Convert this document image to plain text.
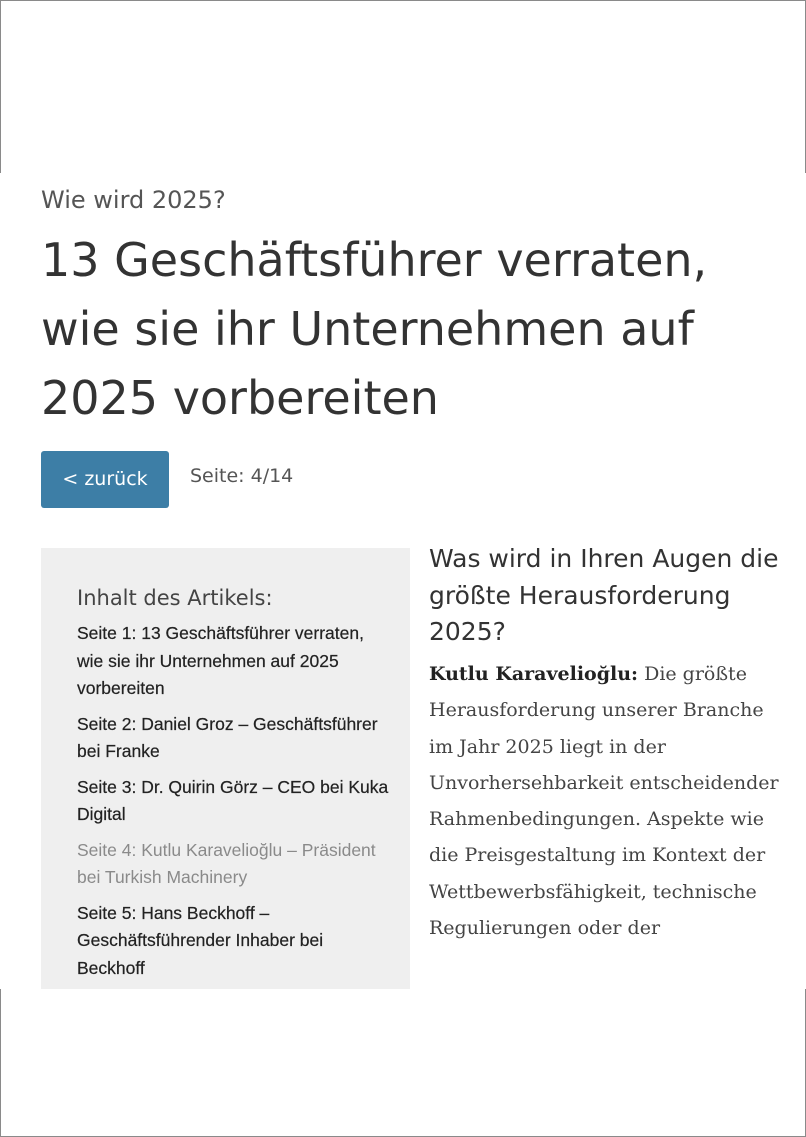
Wie wird 2025?
13 Geschäftsführer verraten, wie sie ihr Unternehmen auf 2025 vorbereiten
< zurück	Seite: 4/14
Inhalt des Artikels:
Seite 1: 13 Geschäftsführer verraten, wie sie ihr Unternehmen auf 2025 vorbereiten
Seite 2: Daniel Groz – Geschäftsführer bei Franke
Seite 3: Dr. Quirin Görz – CEO bei Kuka Digital
Seite 4: Kutlu Karavelioğlu – Präsident bei Turkish Machinery
Seite 5: Hans Beckhoff – Geschäftsführender Inhaber bei Beckhoff
Was wird in Ihren Augen die größte Herausforderung 2025?

Kutlu Karavelioğlu: Die größte Herausforderung unserer Branche im Jahr 2025 liegt in der Unvorhersehbarkeit entscheidender Rahmenbedingungen. Aspekte wie die Preisgestaltung im Kontext der Wettbewerbsfähigkeit, technische Regulierungen oder der
